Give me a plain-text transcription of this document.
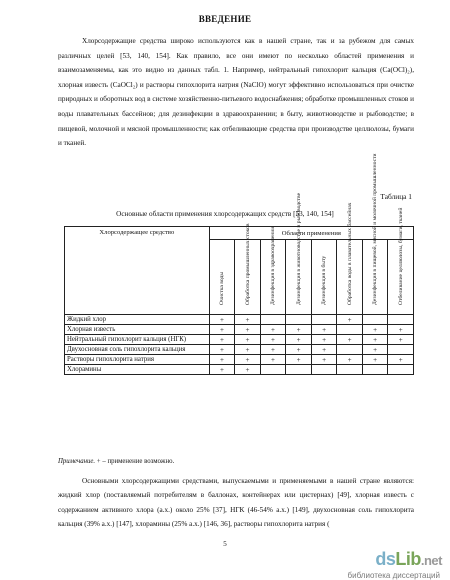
ВВЕДЕНИЕ
Хлорсодержащие средства широко используются как в нашей стране, так и за рубежом для самых различных целей [53, 140, 154]. Как правило, все они имеют по несколько областей применения и взаимозаменяемы, как это видно из данных табл. 1. Например, нейтральный гипохлорит кальция (Ca(OCl)₂), хлорная известь (CaOCl₂) и растворы гипохлорита натрия (NaClO) могут эффективно использоваться при очистке природных и оборотных вод в системе хозяйственно-питьевого водоснабжения; обработке промышленных стоков и воды плавательных бассейнов; для дезинфекции в здравоохранении; в быту, животноводстве и рыбоводстве; в пищевой, молочной и мясной промышленности; как отбеливающие средства при производстве целлюлозы, бумаги и тканей.
Таблица 1
Основные области применения хлорсодержащих средств [53, 140, 154]
Хлорсодержащее средство	Области применения							

	Очистка воды	Обработка промышленных стоков	Дезинфекция в здравоохранении	Дезинфекция в животноводстве и рыбоводстве	Дезинфекция в быту	Обработка воды в плавательных бассейнах	Дезинфекция в пищевой, мясной и молочной промышленности	Отбеливание целлюлозы, бумаги, тканей

Жидкий хлор	+	+				+		
Хлорная известь	+	+	+	+	+		+	+
Нейтральный гипохлорит кальция (НГК)	+	+	+	+	+	+	+	+
Двухосновная соль гипохлорита кальция	+	+	+	+	+		+	
Растворы гипохлорита натрия	+	+	+	+	+	+	+	+
Хлорамины	+	+						
Примечание. + – применение возможно.
Основными хлорсодержащими средствами, выпускаемыми и применяемыми в нашей стране являются: жидкий хлор (поставляемый потребителям в баллонах, контейнерах или цистернах) [49], хлорная известь с содержанием активного хлора (а.х.) около 25% [37], НГК (46-54% а.х.) [149], двухосновная соль гипохлорита кальция (39% а.х.) [147], хлорамины (25% а.х.) [146, 36], растворы гипохлорита натрия (
5
dsLib.net
библиотека диссертаций
